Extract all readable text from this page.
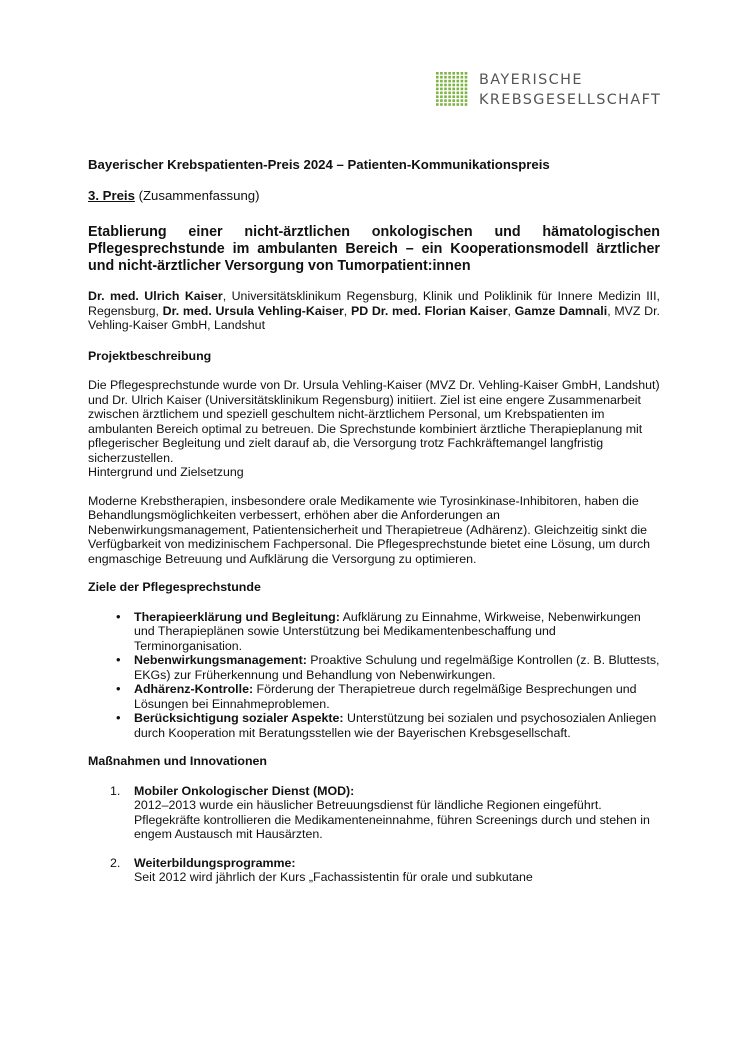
BAYERISCHE
KREBSGESELLSCHAFT
Bayerischer Krebspatienten-Preis 2024 – Patienten-Kommunikationspreis
3. Preis (Zusammenfassung)
Etablierung einer nicht-ärztlichen onkologischen und hämatologischen Pflegesprechstunde im ambulanten Bereich – ein Kooperationsmodell ärztlicher und nicht-ärztlicher Versorgung von Tumorpatient:innen
Dr. med. Ulrich Kaiser, Universitätsklinikum Regensburg, Klinik und Poliklinik für Innere Medizin III, Regensburg, Dr. med. Ursula Vehling-Kaiser, PD Dr. med. Florian Kaiser, Gamze Damnali, MVZ Dr. Vehling-Kaiser GmbH, Landshut
Projektbeschreibung

Die Pflegesprechstunde wurde von Dr. Ursula Vehling-Kaiser (MVZ Dr. Vehling-Kaiser GmbH, Landshut) und Dr. Ulrich Kaiser (Universitätsklinikum Regensburg) initiiert. Ziel ist eine engere Zusammenarbeit zwischen ärztlichem und speziell geschultem nicht-ärztlichem Personal, um Krebspatienten im ambulanten Bereich optimal zu betreuen. Die Sprechstunde kombiniert ärztliche Therapieplanung mit pflegerischer Begleitung und zielt darauf ab, die Versorgung trotz Fachkräftemangel langfristig sicherzustellen.
Hintergrund und Zielsetzung

Moderne Krebstherapien, insbesondere orale Medikamente wie Tyrosinkinase-Inhibitoren, haben die Behandlungsmöglichkeiten verbessert, erhöhen aber die Anforderungen an Nebenwirkungsmanagement, Patientensicherheit und Therapietreue (Adhärenz). Gleichzeitig sinkt die Verfügbarkeit von medizinischem Fachpersonal. Die Pflegesprechstunde bietet eine Lösung, um durch engmaschige Betreuung und Aufklärung die Versorgung zu optimieren.

Ziele der Pflegesprechstunde
• Therapieerklärung und Begleitung: Aufklärung zu Einnahme, Wirkweise, Nebenwirkungen und Therapieplänen sowie Unterstützung bei Medikamentenbeschaffung und Terminorganisation.
• Nebenwirkungsmanagement: Proaktive Schulung und regelmäßige Kontrollen (z. B. Bluttests, EKGs) zur Früherkennung und Behandlung von Nebenwirkungen.
• Adhärenz-Kontrolle: Förderung der Therapietreue durch regelmäßige Besprechungen und Lösungen bei Einnahmeproblemen.
• Berücksichtigung sozialer Aspekte: Unterstützung bei sozialen und psychosozialen Anliegen durch Kooperation mit Beratungsstellen wie der Bayerischen Krebsgesellschaft.
Maßnahmen und Innovationen
1. Mobiler Onkologischer Dienst (MOD):
2012–2013 wurde ein häuslicher Betreuungsdienst für ländliche Regionen eingeführt. Pflegekräfte kontrollieren die Medikamenteneinnahme, führen Screenings durch und stehen in engem Austausch mit Hausärzten.
2. Weiterbildungsprogramme:
Seit 2012 wird jährlich der Kurs „Fachassistentin für orale und subkutane
